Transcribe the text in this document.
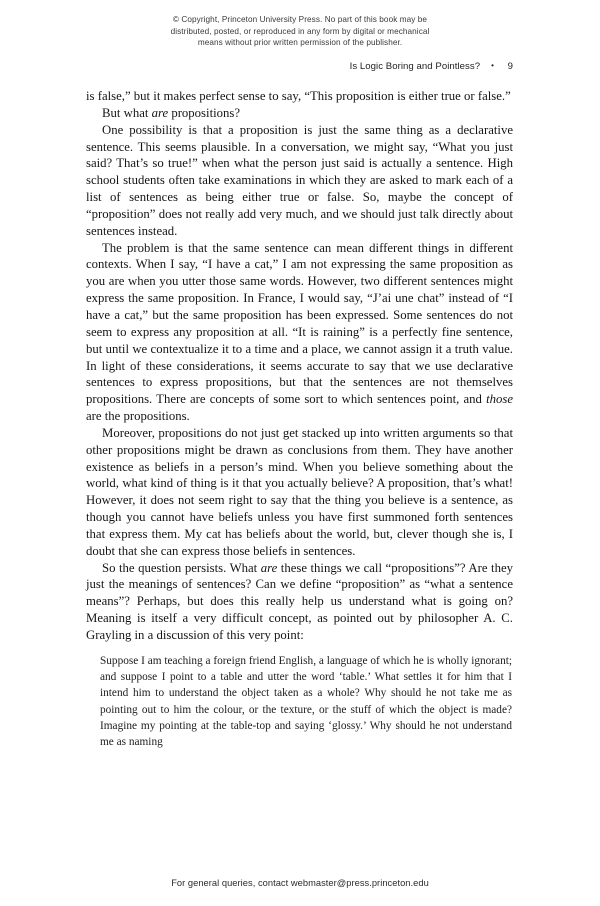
© Copyright, Princeton University Press. No part of this book may be
distributed, posted, or reproduced in any form by digital or mechanical
means without prior written permission of the publisher.
Is Logic Boring and Pointless? • 9

is false,” but it makes perfect sense to say, “This proposition is either true or false.”

But what are propositions?

One possibility is that a proposition is just the same thing as a declarative sentence. This seems plausible. In a conversation, we might say, “What you just said? That’s so true!” when what the person just said is actually a sentence. High school students often take examinations in which they are asked to mark each of a list of sentences as being either true or false. So, maybe the concept of “proposition” does not really add very much, and we should just talk directly about sentences instead.

The problem is that the same sentence can mean different things in different contexts. When I say, “I have a cat,” I am not expressing the same proposition as you are when you utter those same words. However, two different sentences might express the same proposition. In France, I would say, “J’ai une chat” instead of “I have a cat,” but the same proposition has been expressed. Some sentences do not seem to express any proposition at all. “It is raining” is a perfectly fine sentence, but until we contextualize it to a time and a place, we cannot assign it a truth value. In light of these considerations, it seems accurate to say that we use declarative sentences to express propositions, but that the sentences are not themselves propositions. There are concepts of some sort to which sentences point, and those are the propositions.

Moreover, propositions do not just get stacked up into written arguments so that other propositions might be drawn as conclusions from them. They have another existence as beliefs in a person’s mind. When you believe something about the world, what kind of thing is it that you actually believe? A proposition, that’s what! However, it does not seem right to say that the thing you believe is a sentence, as though you cannot have beliefs unless you have first summoned forth sentences that express them. My cat has beliefs about the world, but, clever though she is, I doubt that she can express those beliefs in sentences.

So the question persists. What are these things we call “propositions”? Are they just the meanings of sentences? Can we define “proposition” as “what a sentence means”? Perhaps, but does this really help us understand what is going on? Meaning is itself a very difficult concept, as pointed out by philosopher A. C. Grayling in a discussion of this very point:

Suppose I am teaching a foreign friend English, a language of which he is wholly ignorant; and suppose I point to a table and utter the word ‘table.’ What settles it for him that I intend him to understand the object taken as a whole? Why should he not take me as pointing out to him the colour, or the texture, or the stuff of which the object is made? Imagine my pointing at the table-top and saying ‘glossy.’ Why should he not understand me as naming

For general queries, contact webmaster@press.princeton.edu
